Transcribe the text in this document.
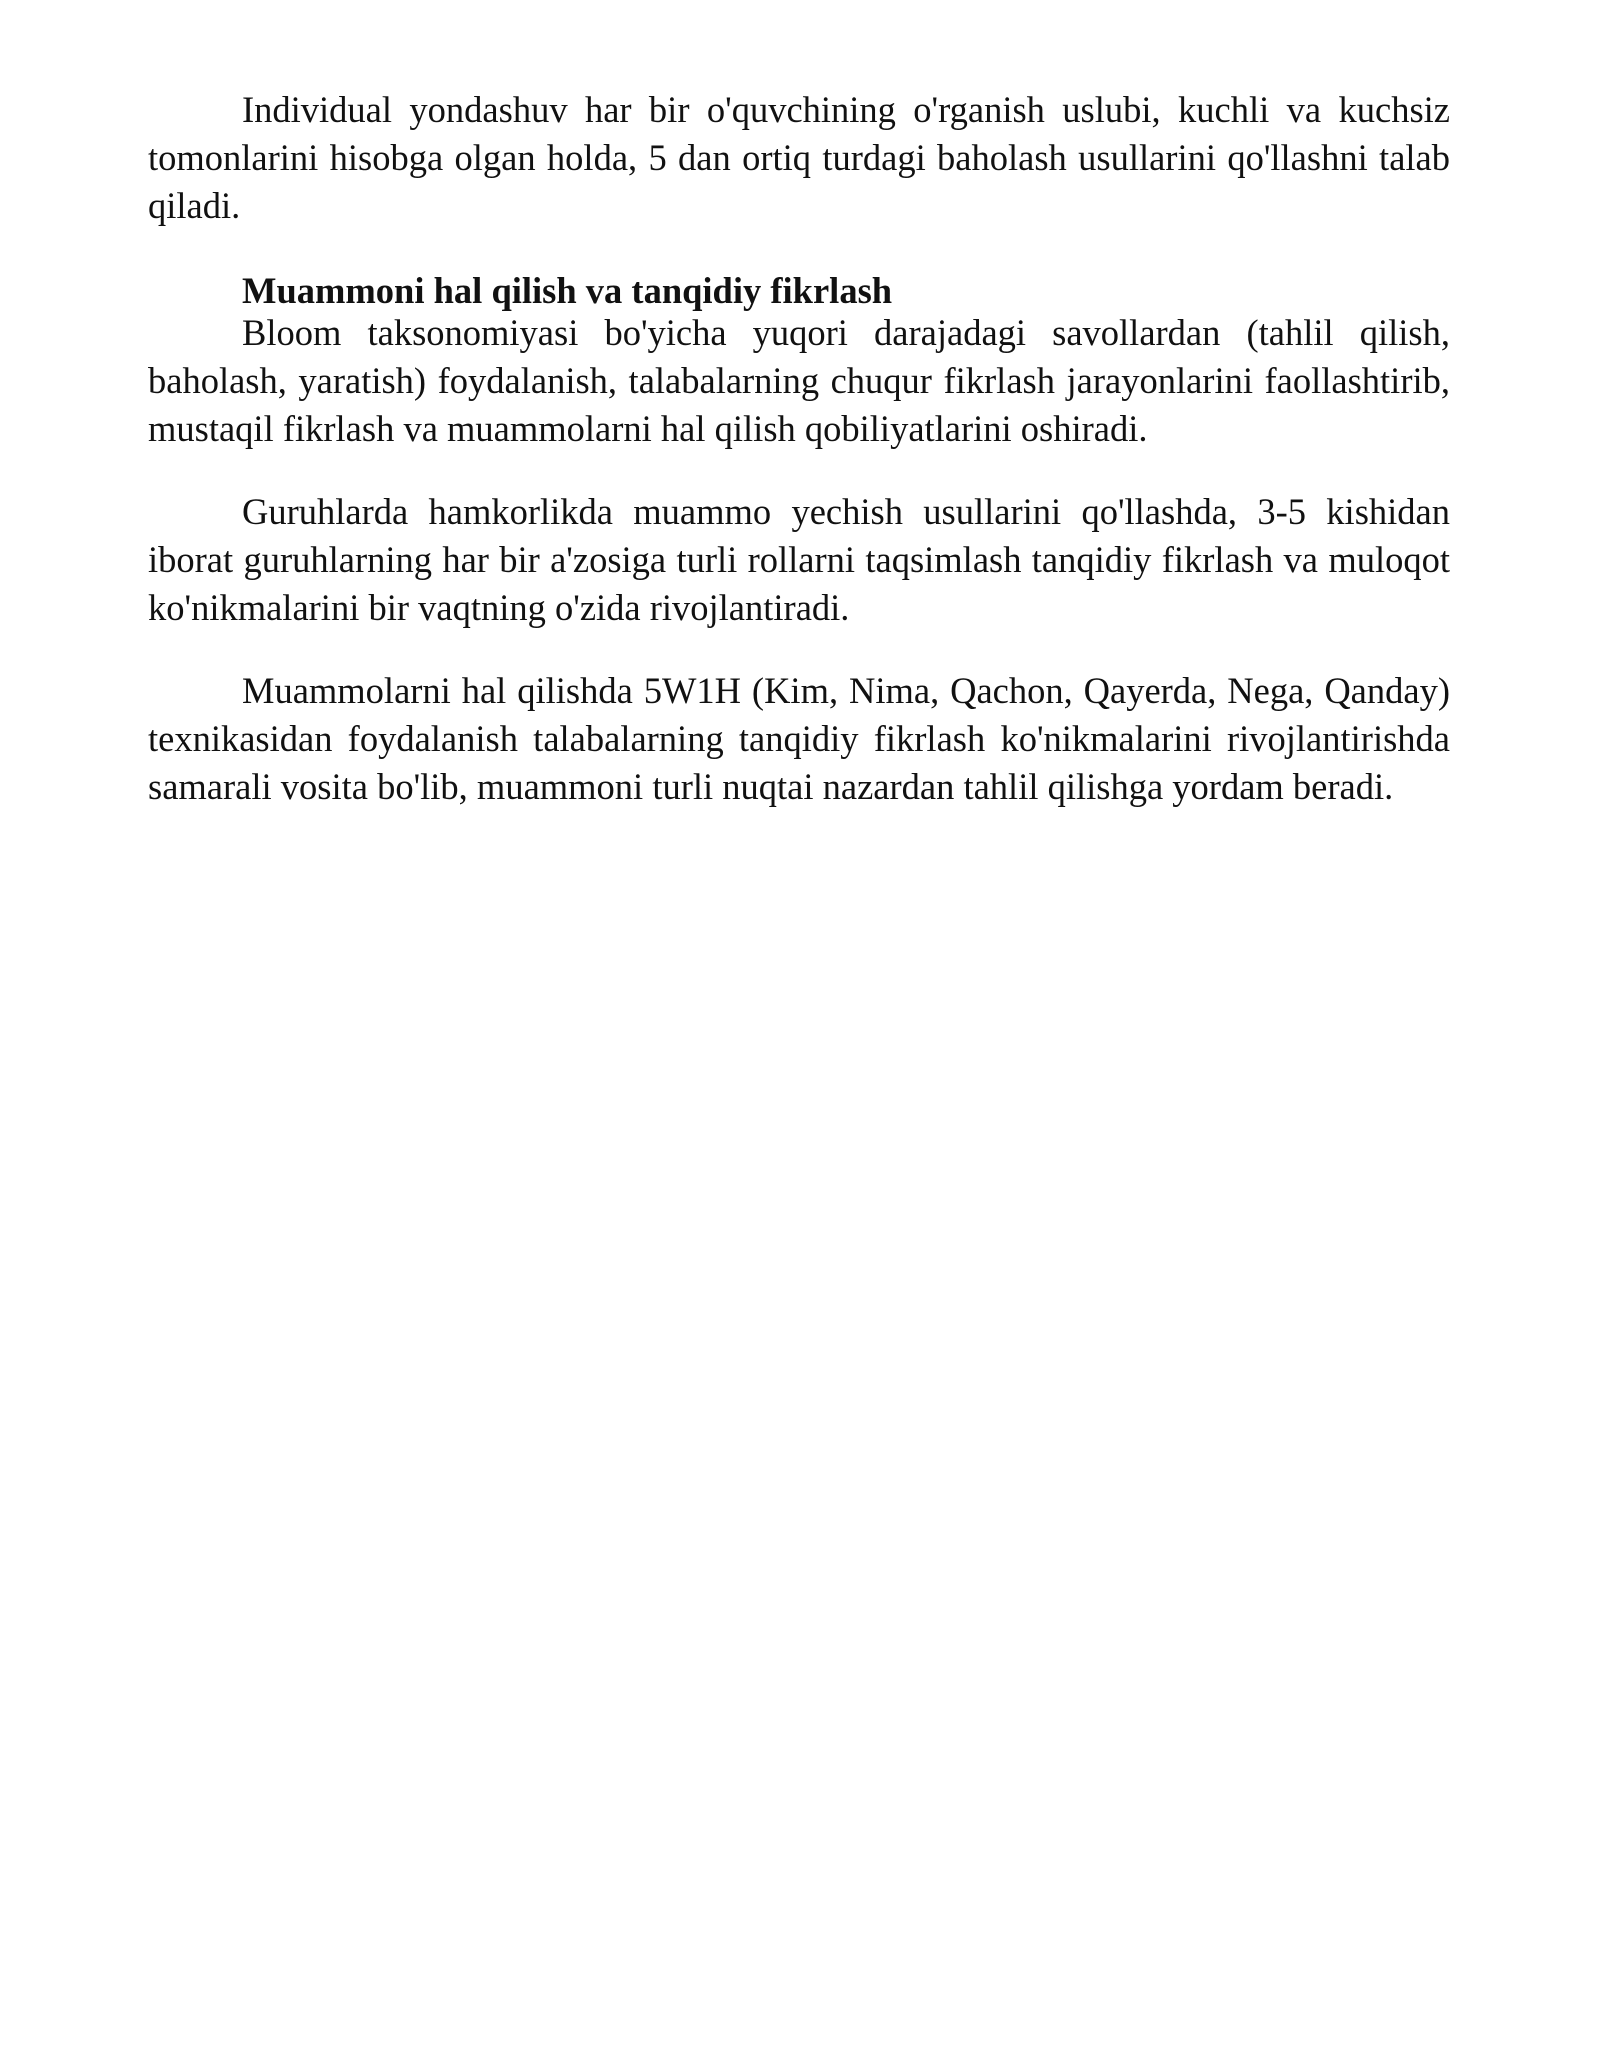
Individual yondashuv har bir o'quvchining o'rganish uslubi, kuchli va kuchsiz tomonlarini hisobga olgan holda, 5 dan ortiq turdagi baholash usullarini qo'llashni talab qiladi.

Muammoni hal qilish va tanqidiy fikrlash

Bloom taksonomiyasi bo'yicha yuqori darajadagi savollardan (tahlil qilish, baholash, yaratish) foydalanish, talabalarning chuqur fikrlash jarayonlarini faollashtirib, mustaqil fikrlash va muammolarni hal qilish qobiliyatlarini oshiradi.

Guruhlarda hamkorlikda muammo yechish usullarini qo'llashda, 3-5 kishidan iborat guruhlarning har bir a'zosiga turli rollarni taqsimlash tanqidiy fikrlash va muloqot ko'nikmalarini bir vaqtning o'zida rivojlantiradi.

Muammolarni hal qilishda 5W1H (Kim, Nima, Qachon, Qayerda, Nega, Qanday) texnikasidan foydalanish talabalarning tanqidiy fikrlash ko'nikmalarini rivojlantirishda samarali vosita bo'lib, muammoni turli nuqtai nazardan tahlil qilishga yordam beradi.
